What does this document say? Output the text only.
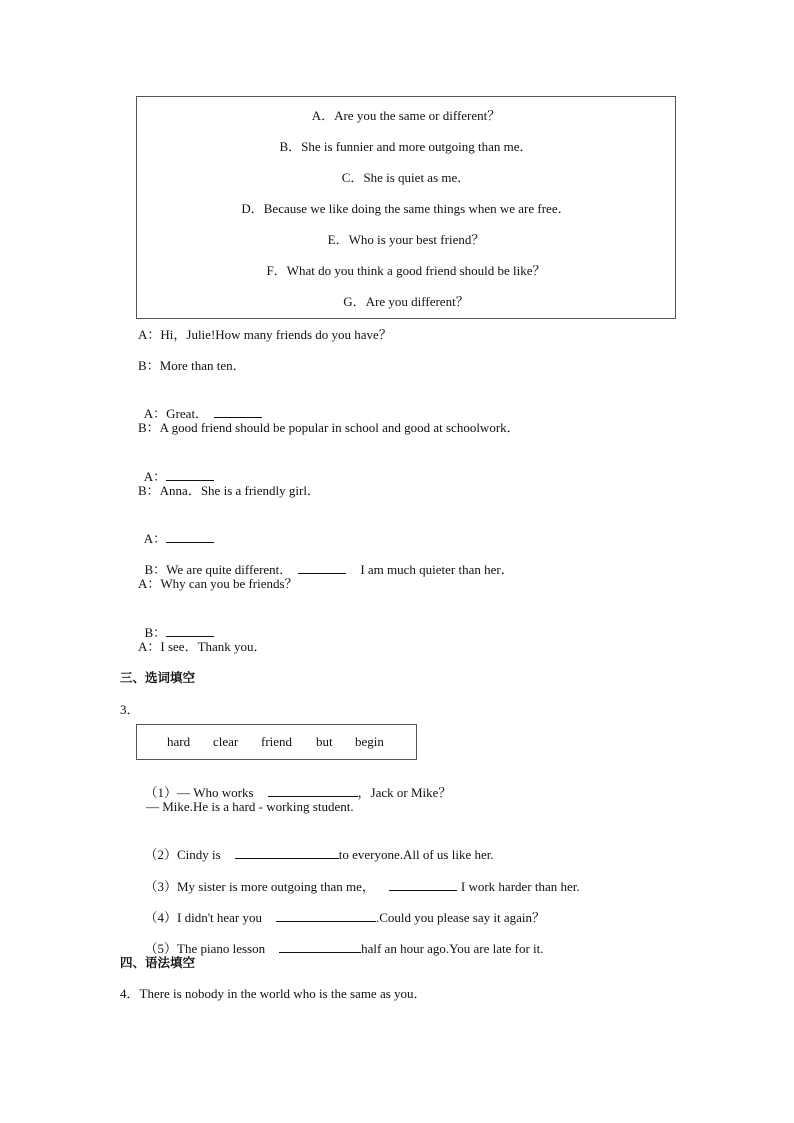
A．Are you the same or different？
B．She is funnier and more outgoing than me．
C．She is quiet as me．
D．Because we like doing the same things when we are free．
E．Who is your best friend？
F．What do you think a good friend should be like？
G．Are you different？
A：Hi，Julie!How many friends do you have？
B：More than ten．

A：Great．

B：A good friend should be popular in school and good at schoolwork．

A：

B：Anna．She is a friendly girl．

A：

B：We are quite different．	I am much quieter than her．

A：Why can you be friends？

B：

A：I see．Thank you．
三、选词填空
3．
hard clear friend but begin

（1）— Who works	，Jack or Mike？

— Mike.He is a hard - working student.

（2）Cindy is	to everyone.All of us like her.

（3）My sister is more outgoing than me，	I work harder than her.

（4）I didn't hear you	.Could you please say it again？

（5）The piano lesson	half an hour ago.You are late for it.

四、语法填空
4．There is nobody in the world who is the same as you．
